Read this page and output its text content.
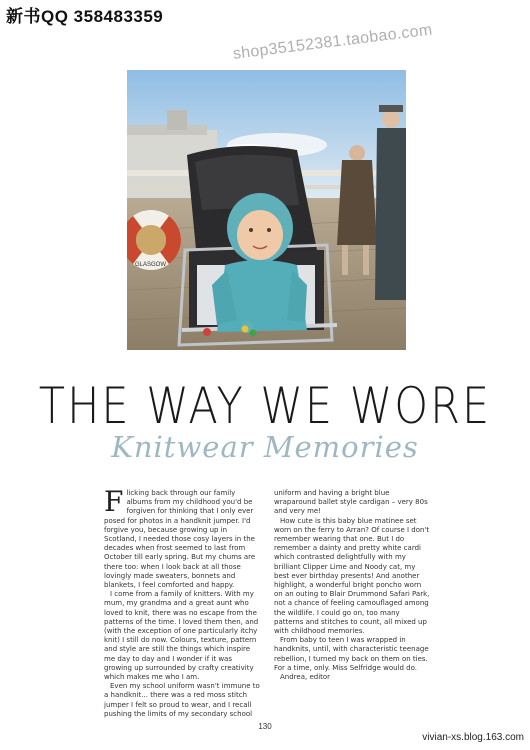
新书QQ 358483359
GLASGOW
shop35152381.taobao.com
THE WAY WE WORE
Knitwear Memories

Flicking back through our family albums from my childhood you'd be forgiven for thinking that I only ever posed for photos in a handknit jumper. I'd forgive you, because growing up in Scotland, I needed those cosy layers in the decades when frost seemed to last from October till early spring. But my chums are there too: when I look back at all those lovingly made sweaters, bonnets and blankets, I feel comforted and happy.

I come from a family of knitters. With my mum, my grandma and a great aunt who loved to knit, there was no escape from the patterns of the time. I loved them then, and (with the exception of one particularly itchy knit) I still do now. Colours, texture, pattern and style are still the things which inspire me day to day and I wonder if it was growing up surrounded by crafty creativity which makes me who I am.

Even my school uniform wasn't immune to a handknit... there was a red moss stitch jumper I felt so proud to wear, and I recall pushing the limits of my secondary school uniform and having a bright blue wraparound ballet style cardigan – very 80s and very me!

How cute is this baby blue matinee set worn on the ferry to Arran? Of course I don't remember wearing that one. But I do remember a dainty and pretty white cardi which contrasted delightfully with my brilliant Clipper Lime and Noody cat, my best ever birthday presents! And another highlight, a wonderful bright poncho worn on an outing to Blair Drummond Safari Park, not a chance of feeling camouflaged among the wildlife. I could go on, too many patterns and stitches to count, all mixed up with childhood memories.

From baby to teen I was wrapped in handknits, until, with characteristic teenage rebellion, I turned my back on them on ties. For a time, only. Miss Selfridge would do.

Andrea, editor

130
vivian-xs.blog.163.com
